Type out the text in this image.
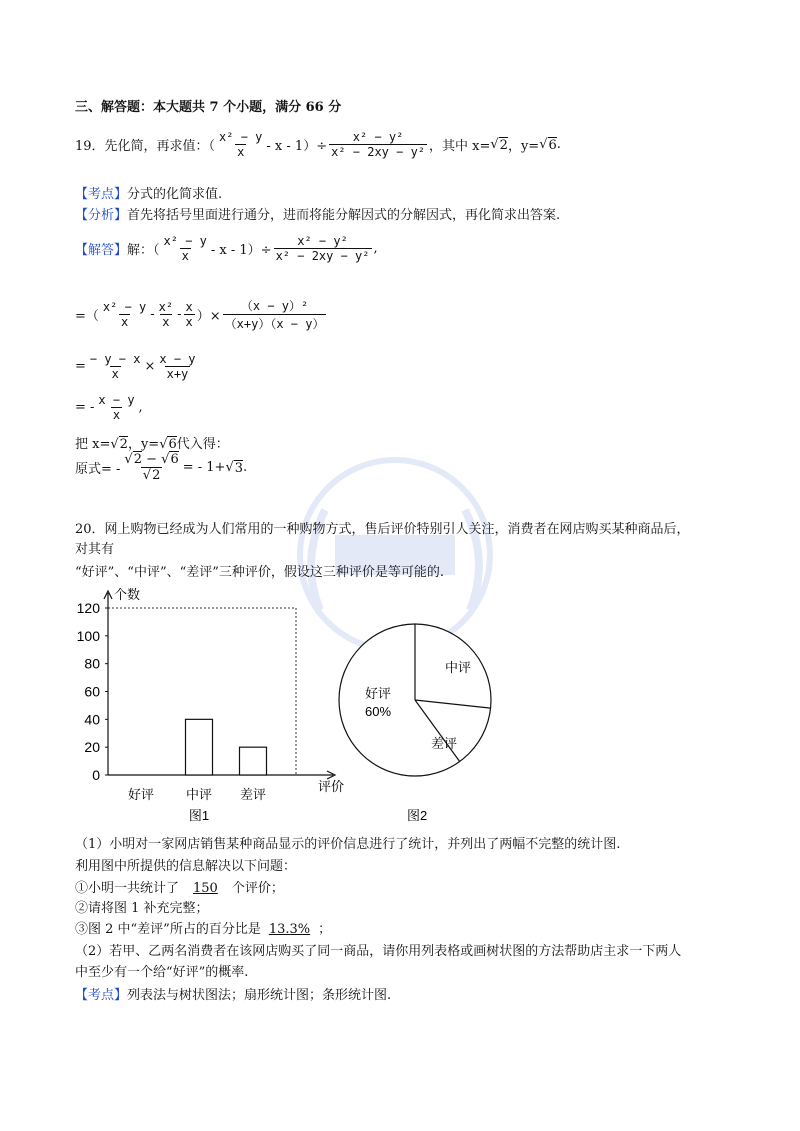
三、解答题：本大题共 7 个小题，满分 66 分
19．先化简，再求值：（ $\frac{\text{x² − y}}{x} - x - 1)\div \frac{\text{x² − y²}}{\text{x² − 2xy − y²}}$ ，其中 x= √ 2 ，y= √ 6 .
【考点】分式的化简求值.
【分析】首先将括号里面进行通分，进而将能分解因式的分解因式，再化简求出答案.
【解答】 解：（ $\frac{\text{x² − y}}{x} - x - 1)\div \frac{\text{x² − y²}}{\text{x² − 2xy − y²}}$ ,
=（ $\frac{\text{x² − y}}{x} - \frac{\text{x²}}{x} - \frac{x}{x}$ ）× $\frac{\text{（x − y）²}}{(x+y)(x - y)}$
= $\frac{- y - x}{x} \times \frac{x - y}{x+y}$
= - $\frac{x - y}{x}$ ,
把 x=√2，y=√6代入得：
原式= - $\frac{√2 - √6}{√2}$ = - 1+ √ 3 .
20．网上购物已经成为人们常用的一种购物方式，售后评价特别引人关注，消费者在网店购买某种商品后，
对其有
“好评”、“中评”、“差评”三种评价，假设这三种评价是等可能的.
0
20
40
60
80
100
120
个数
评价
好评 中评 差评
图1
中评
差评
好评
60%
图2
（1）小明对一家网店销售某种商品显示的评价信息进行了统计，并列出了两幅不完整的统计图.
利用图中所提供的信息解决以下问题：
①小明一共统计了 150 个评价；
②请将图 1 补充完整；
③图 2 中“差评”所占的百分比是 13.3% ；
（2）若甲、乙两名消费者在该网店购买了同一商品，请你用列表格或画树状图的方法帮助店主求一下两人
中至少有一个给“好评”的概率.
【考点】列表法与树状图法；扇形统计图；条形统计图.
